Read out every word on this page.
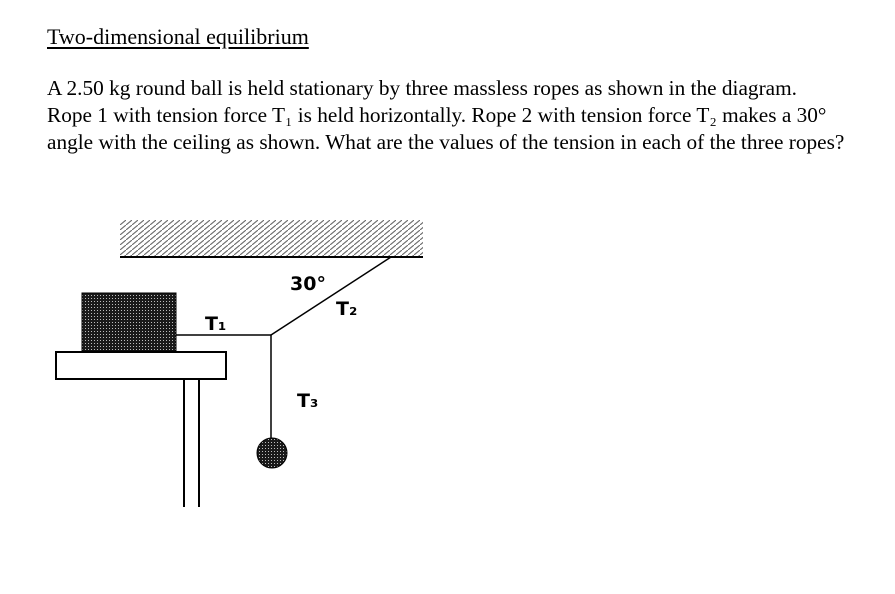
Two-dimensional equilibrium

A 2.50 kg round ball is held stationary by three massless ropes as shown in the diagram. Rope 1 with tension force T₁ is held horizontally. Rope 2 with tension force T₂ makes a 30° angle with the ceiling as shown. What are the values of the tension in each of the three ropes?

30°
T₁
T₂
T₃
